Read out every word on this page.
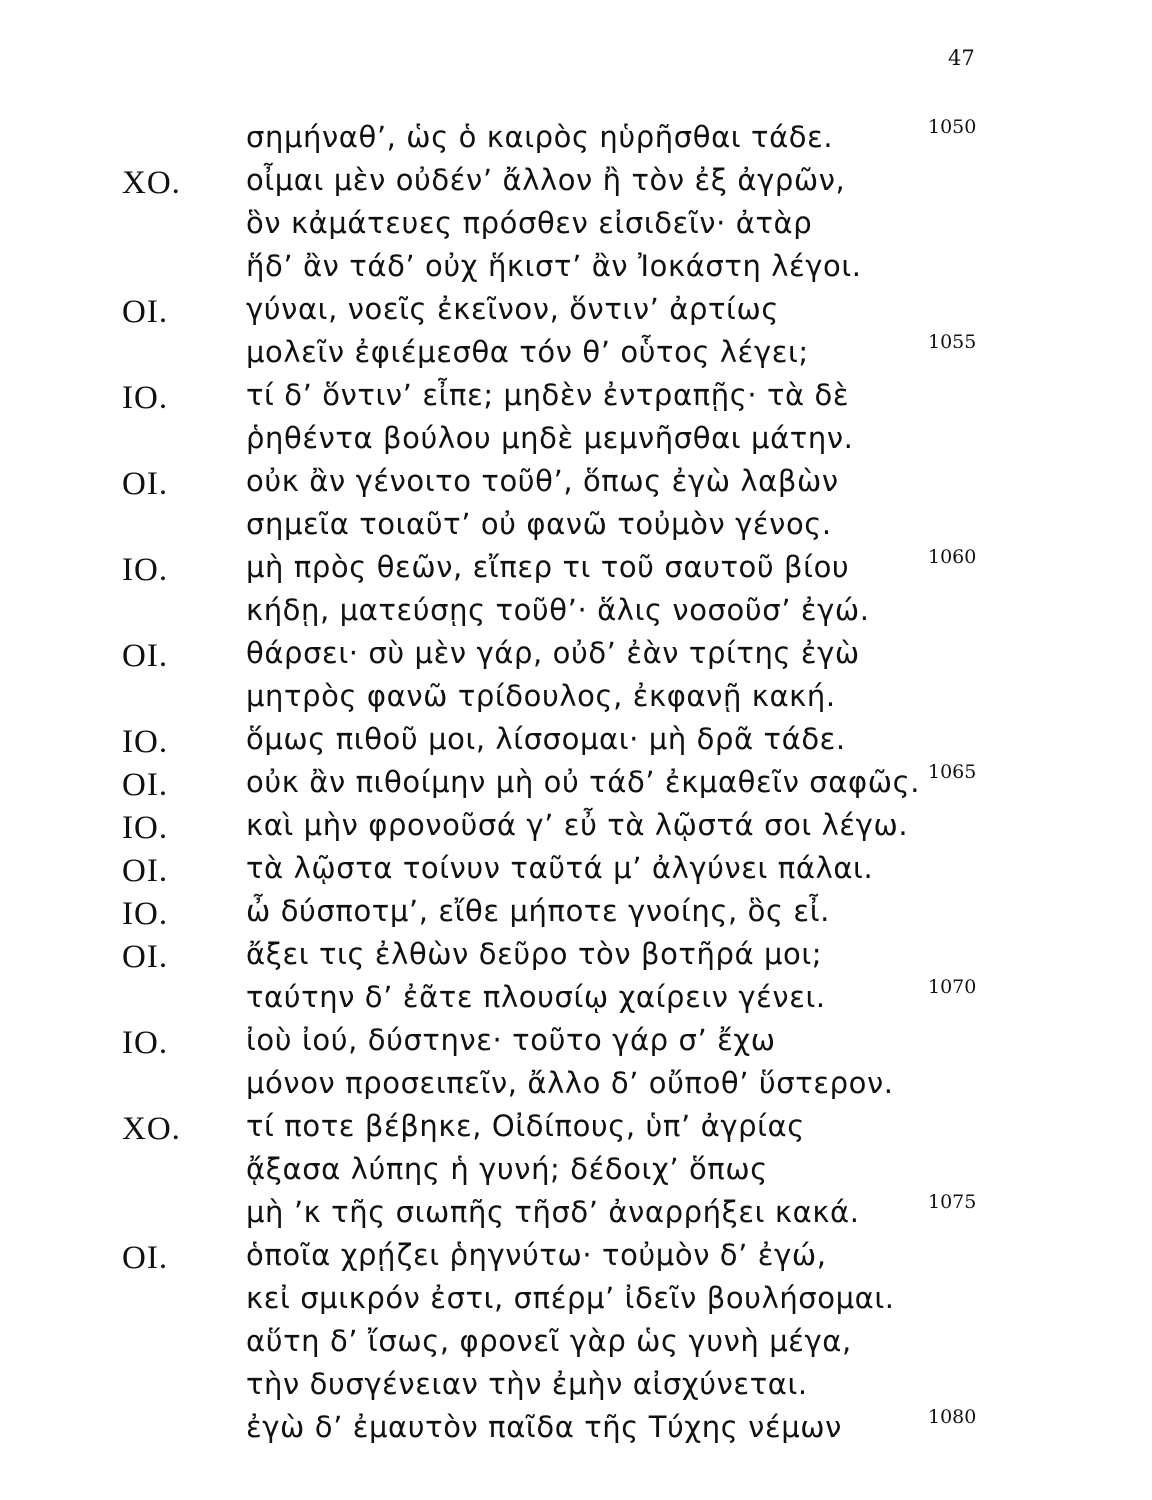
47
σημήναθ’, ὡς ὁ καιρὸς ηὑρῆσθαι τάδε.	1050
ΧΟ. οἶμαι μὲν οὐδέν’ ἄλλον ἢ τὸν ἐξ ἀγρῶν,
ὃν κἀμάτευες πρόσθεν εἰσιδεῖν· ἀτὰρ
ἥδ’ ἂν τάδ’ οὐχ ἥκιστ’ ἂν Ἰοκάστη λέγοι.
ΟΙ.	γύναι, νοεῖς ἐκεῖνον, ὅντιν’ ἀρτίως
μολεῖν ἐφιέμεσθα τόν θ’ οὗτος λέγει;	1055
ΙΟ.	τί δ’ ὅντιν’ εἶπε; μηδὲν ἐντραπῇς· τὰ δὲ
ῥηθέντα βούλου μηδὲ μεμνῆσθαι μάτην.
ΟΙ.	οὐκ ἂν γένοιτο τοῦθ’, ὅπως ἐγὼ λαβὼν
σημεῖα τοιαῦτ’ οὐ φανῶ τοὐμὸν γένος.
ΙΟ.	μὴ πρὸς θεῶν, εἴπερ τι τοῦ σαυτοῦ βίου	1060
κήδῃ, ματεύσῃς τοῦθ’· ἅλις νοσοῦσ’ ἐγώ.
ΟΙ.	θάρσει· σὺ μὲν γάρ, οὐδ’ ἐὰν τρίτης ἐγὼ
μητρὸς φανῶ τρίδουλος, ἐκφανῇ κακή.
ΙΟ.	ὅμως πιθοῦ μοι, λίσσομαι· μὴ δρᾶ τάδε.
ΟΙ.	οὐκ ἂν πιθοίμην μὴ οὐ τάδ’ ἐκμαθεῖν σαφῶς. 1065
ΙΟ.	καὶ μὴν φρονοῦσά γ’ εὖ τὰ λῷστά σοι λέγω.
ΟΙ.	τὰ λῷστα τοίνυν ταῦτά μ’ ἀλγύνει πάλαι.
ΙΟ.	ὦ δύσποτμ’, εἴθε μήποτε γνοίης, ὃς εἶ.
ΟΙ.	ἄξει τις ἐλθὼν δεῦρο τὸν βοτῆρά μοι;
ταύτην δ’ ἐᾶτε πλουσίῳ χαίρειν γένει.	1070
ΙΟ.	ἰοὺ ἰού, δύστηνε· τοῦτο γάρ σ’ ἔχω
μόνον προσειπεῖν, ἄλλο δ’ οὔποθ’ ὕστερον.
ΧΟ. τί ποτε βέβηκε, Οἰδίπους, ὑπ’ ἀγρίας
ᾄξασα λύπης ἡ γυνή; δέδοιχ’ ὅπως
μὴ ’κ τῆς σιωπῆς τῆσδ’ ἀναρρήξει κακά.	1075
ΟΙ.	ὁποῖα χρῄζει ῥηγνύτω· τοὐμὸν δ’ ἐγώ,
κεἰ σμικρόν ἐστι, σπέρμ’ ἰδεῖν βουλήσομαι.
αὕτη δ’ ἴσως, φρονεῖ γὰρ ὡς γυνὴ μέγα,
τὴν δυσγένειαν τὴν ἐμὴν αἰσχύνεται.
ἐγὼ δ’ ἐμαυτὸν παῖδα τῆς Τύχης νέμων	1080
